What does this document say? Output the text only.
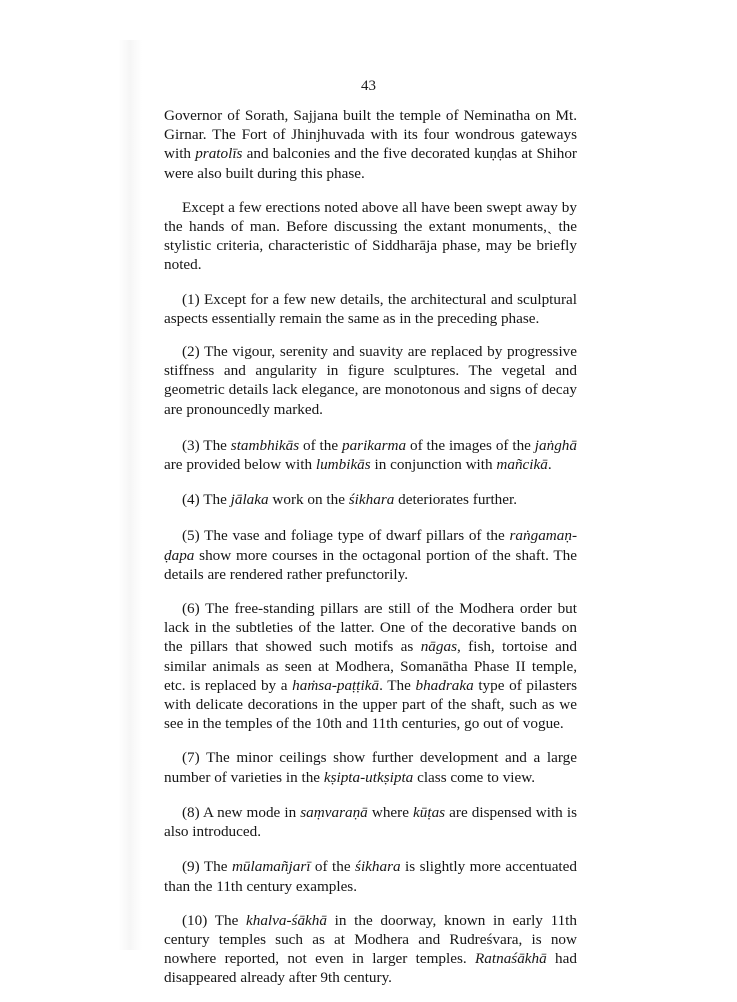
43

Governor of Sorath, Sajjana built the temple of Neminatha on Mt. Girnar. The Fort of Jhinjhuvada with its four wondrous gateways with pratolīs and balconies and the five decorated kuṇḍas at Shihor were also built during this phase.

Except a few erections noted above all have been swept away by the hands of man. Before discussing the extant monuments,ˎ the stylistic criteria, characteristic of Siddharāja phase, may be briefly noted.

(1) Except for a few new details, the architectural and sculptural aspects essentially remain the same as in the preceding phase.

(2) The vigour, serenity and suavity are replaced by progressive stiffness and angularity in figure sculptures. The vegetal and geometric details lack elegance, are monotonous and signs of decay are pronouncedly marked.

(3) The stambhikās of the parikarma of the images of the jaṅghā are provided below with lumbikās in conjunction with mañcikā.

(4) The jālaka work on the śikhara deteriorates further.

(5) The vase and foliage type of dwarf pillars of the raṅgamaṇ-ḍapa show more courses in the octagonal portion of the shaft. The details are rendered rather prefunctorily.

(6) The free-standing pillars are still of the Modhera order but lack in the subtleties of the latter. One of the decorative bands on the pillars that showed such motifs as nāgas, fish, tortoise and similar animals as seen at Modhera, Somanātha Phase II temple, etc. is replaced by a haṁsa-paṭṭikā. The bhadraka type of pilasters with delicate decorations in the upper part of the shaft, such as we see in the temples of the 10th and 11th centuries, go out of vogue.

(7) The minor ceilings show further development and a large number of varieties in the kṣipta-utkṣipta class come to view.

(8) A new mode in saṃvaraṇā where kūṭas are dispensed with is also introduced.

(9) The mūlamañjarī of the śikhara is slightly more accentuated than the 11th century examples.

(10) The khalva-śākhā in the doorway, known in early 11th century temples such as at Modhera and Rudreśvara, is now nowhere reported, not even in larger temples. Ratnaśākhā had disappeared already after 9th century.
